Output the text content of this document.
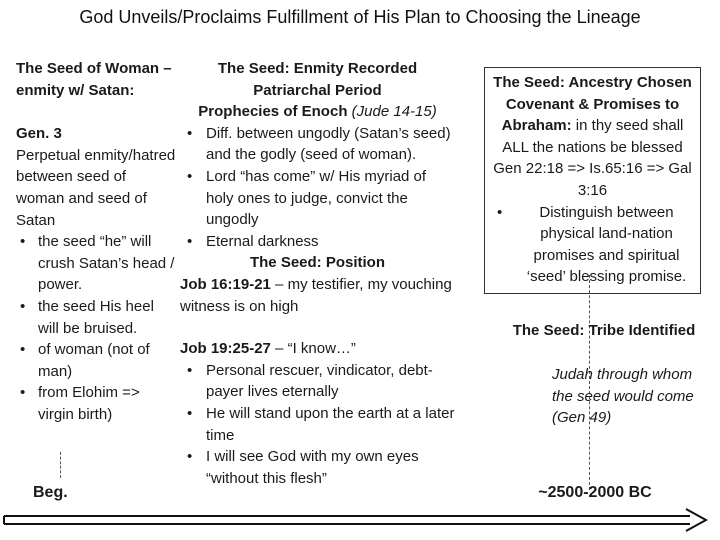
God Unveils/Proclaims Fulfillment of His Plan to Choosing the Lineage
The Seed of Woman – enmity w/ Satan:
Gen. 3
Perpetual enmity/hatred between seed of woman and seed of Satan
• the seed “he” will crush Satan’s head / power.
• the seed His heel will be bruised.
• of woman (not of man)
• from Elohim => virgin birth)
Beg.
The Seed: Enmity Recorded
Patriarchal Period
Prophecies of Enoch (Jude 14-15)
• Diff. between ungodly (Satan’s seed) and the godly (seed of woman).
• Lord “has come” w/ His myriad of holy ones to judge, convict the ungodly
• Eternal darkness
The Seed: Position
Job 16:19-21 – my testifier, my vouching witness is on high
Job 19:25-27 – “I know…”
• Personal rescuer, vindicator, debt-payer lives eternally
• He will stand upon the earth at a later time
• I will see God with my own eyes “without this flesh”
The Seed: Ancestry Chosen
Covenant & Promises to Abraham: in thy seed shall ALL the nations be blessed Gen 22:18 => Is.65:16 => Gal 3:16
• Distinguish between physical land-nation promises and spiritual ‘seed’ blessing promise.
The Seed: Tribe Identified
Judah through whom the seed would come (Gen 49)
~2500-2000 BC
